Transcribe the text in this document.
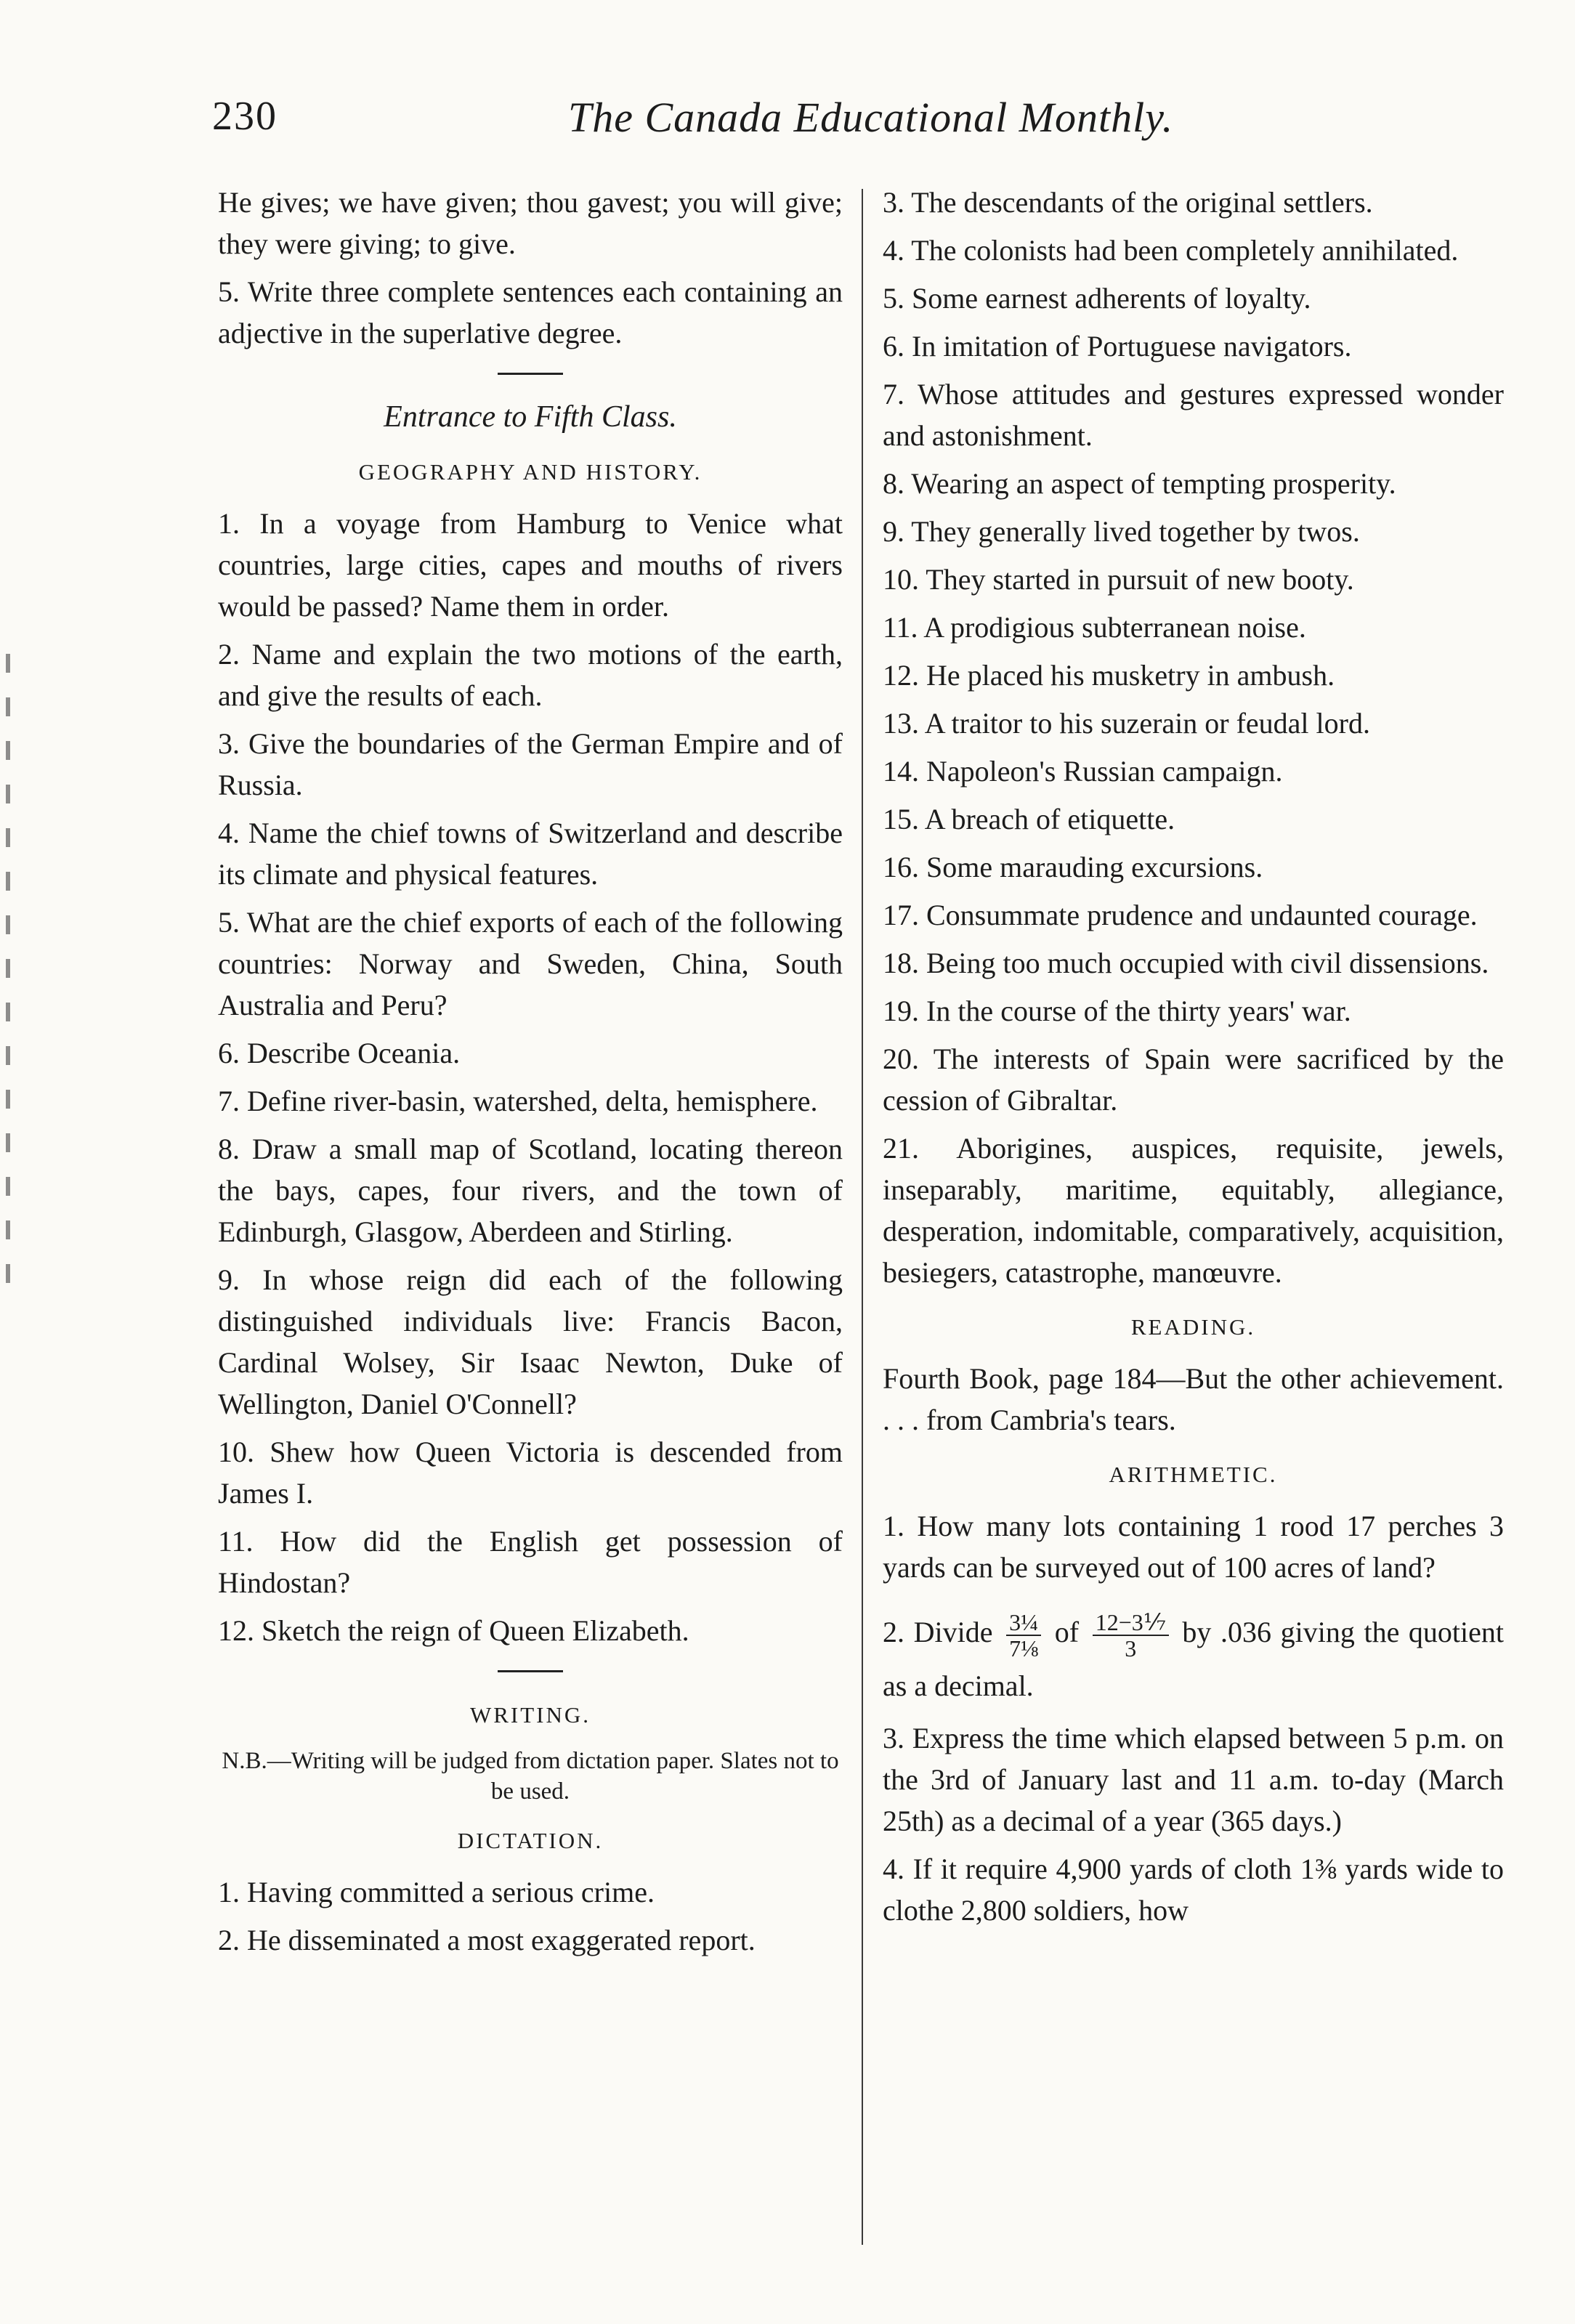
230	The Canada Educational Monthly.

He gives; we have given; thou gavest; you will give; they were giving; to give.

5. Write three complete sentences each containing an adjective in the superlative degree.

Entrance to Fifth Class.
GEOGRAPHY AND HISTORY.

1. In a voyage from Hamburg to Venice what countries, large cities, capes and mouths of rivers would be passed? Name them in order.

2. Name and explain the two motions of the earth, and give the results of each.

3. Give the boundaries of the German Empire and of Russia.

4. Name the chief towns of Switzerland and describe its climate and physical features.

5. What are the chief exports of each of the following countries: Norway and Sweden, China, South Australia and Peru?

6. Describe Oceania.

7. Define river-basin, watershed, delta, hemisphere.

8. Draw a small map of Scotland, locating thereon the bays, capes, four rivers, and the town of Edinburgh, Glasgow, Aberdeen and Stirling.

9. In whose reign did each of the following distinguished individuals live: Francis Bacon, Cardinal Wolsey, Sir Isaac Newton, Duke of Wellington, Daniel O'Connell?

10. Shew how Queen Victoria is descended from James I.

11. How did the English get possession of Hindostan?

12. Sketch the reign of Queen Elizabeth.

WRITING.
N.B.—Writing will be judged from dictation paper. Slates not to be used.
DICTATION.

1. Having committed a serious crime.

2. He disseminated a most exaggerated report.

3. The descendants of the original settlers.

4. The colonists had been completely annihilated.

5. Some earnest adherents of loyalty.

6. In imitation of Portuguese navigators.

7. Whose attitudes and gestures expressed wonder and astonishment.

8. Wearing an aspect of tempting prosperity.

9. They generally lived together by twos.

10. They started in pursuit of new booty.

11. A prodigious subterranean noise.

12. He placed his musketry in ambush.

13. A traitor to his suzerain or feudal lord.

14. Napoleon's Russian campaign.

15. A breach of etiquette.

16. Some marauding excursions.

17. Consummate prudence and undaunted courage.

18. Being too much occupied with civil dissensions.

19. In the course of the thirty years' war.

20. The interests of Spain were sacrificed by the cession of Gibraltar.

21. Aborigines, auspices, requisite, jewels, inseparably, maritime, equitably, allegiance, desperation, indomitable, comparatively, acquisition, besiegers, catastrophe, manœuvre.

READING.

Fourth Book, page 184—But the other achievement. . . . from Cambria's tears.

ARITHMETIC.

1. How many lots containing 1 rood 17 perches 3 yards can be surveyed out of 100 acres of land?

2. Divide $\frac{\text{3¼}}{\text{7⅛}}$ of $\frac{\text{12−3⅐}}{3}$ by .036 giving the quotient as a decimal.

3. Express the time which elapsed between 5 p.m. on the 3rd of January last and 11 a.m. to-day (March 25th) as a decimal of a year (365 days.)

4. If it require 4,900 yards of cloth 1⅜ yards wide to clothe 2,800 soldiers, how
